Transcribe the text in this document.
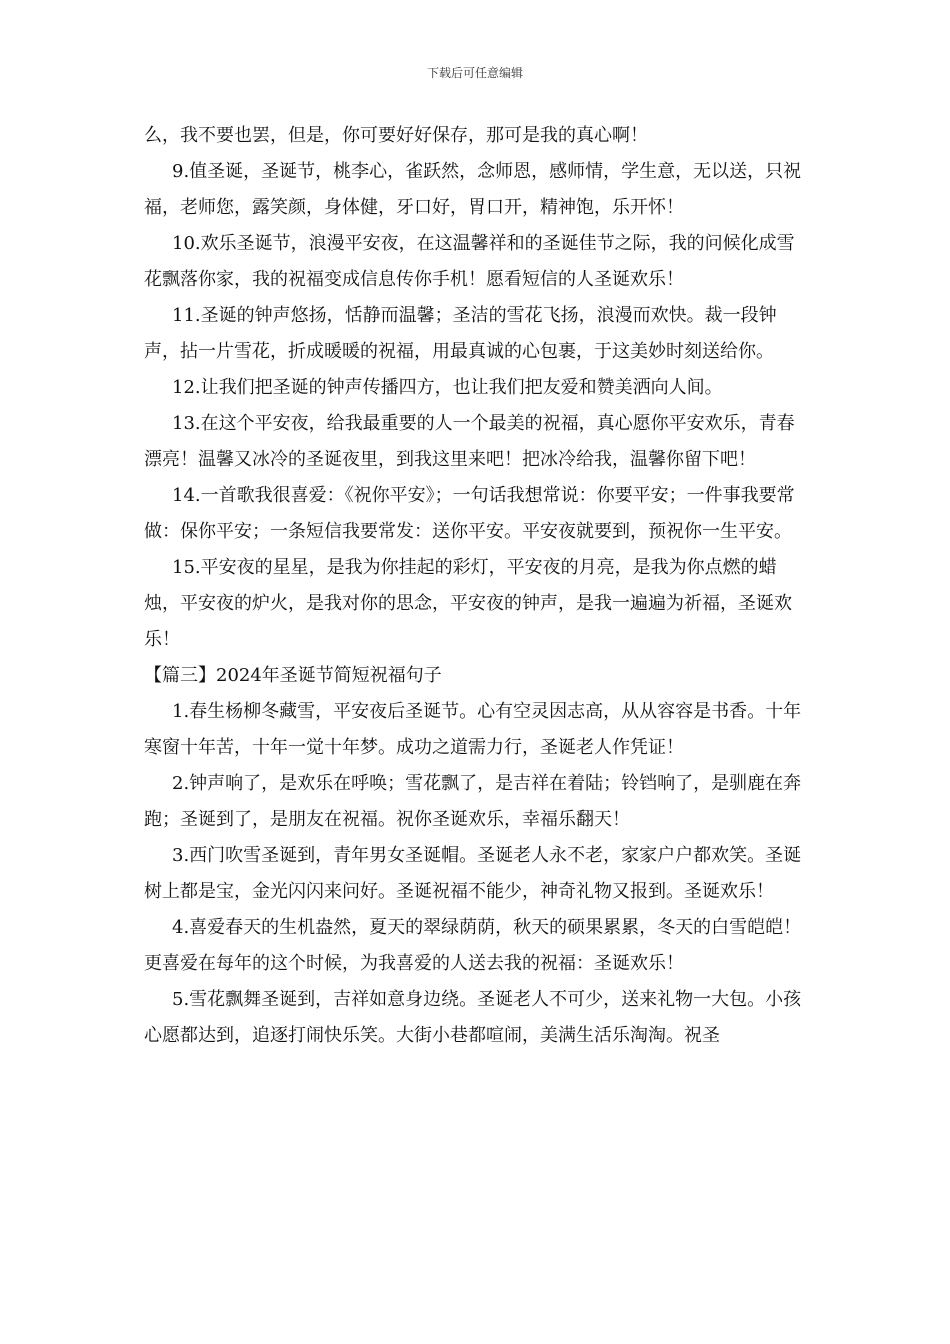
下载后可任意编辑

么，我不要也罢，但是，你可要好好保存，那可是我的真心啊！

9.值圣诞，圣诞节，桃李心，雀跃然，念师恩，感师情，学生意，无以送，只祝福，老师您，露笑颜，身体健，牙口好，胃口开，精神饱，乐开怀！

10.欢乐圣诞节，浪漫平安夜，在这温馨祥和的圣诞佳节之际，我的问候化成雪花飘落你家，我的祝福变成信息传你手机！愿看短信的人圣诞欢乐！

11.圣诞的钟声悠扬，恬静而温馨；圣洁的雪花飞扬，浪漫而欢快。裁一段钟声，拈一片雪花，折成暖暖的祝福，用最真诚的心包裹，于这美妙时刻送给你。

12.让我们把圣诞的钟声传播四方，也让我们把友爱和赞美洒向人间。

13.在这个平安夜，给我最重要的人一个最美的祝福，真心愿你平安欢乐，青春漂亮！温馨又冰冷的圣诞夜里，到我这里来吧！把冰冷给我，温馨你留下吧！

14.一首歌我很喜爱：《祝你平安》；一句话我想常说：你要平安；一件事我要常做：保你平安；一条短信我要常发：送你平安。平安夜就要到，预祝你一生平安。

15.平安夜的星星，是我为你挂起的彩灯，平安夜的月亮，是我为你点燃的蜡烛，平安夜的炉火，是我对你的思念，平安夜的钟声，是我一遍遍为祈福，圣诞欢乐！

【篇三】2024年圣诞节简短祝福句子

1.春生杨柳冬藏雪，平安夜后圣诞节。心有空灵因志高，从从容容是书香。十年寒窗十年苦，十年一觉十年梦。成功之道需力行，圣诞老人作凭证！

2.钟声响了，是欢乐在呼唤；雪花飘了，是吉祥在着陆；铃铛响了，是驯鹿在奔跑；圣诞到了，是朋友在祝福。祝你圣诞欢乐，幸福乐翻天！

3.西门吹雪圣诞到，青年男女圣诞帽。圣诞老人永不老，家家户户都欢笑。圣诞树上都是宝，金光闪闪来问好。圣诞祝福不能少，神奇礼物又报到。圣诞欢乐！

4.喜爱春天的生机盎然，夏天的翠绿荫荫，秋天的硕果累累，冬天的白雪皑皑！更喜爱在每年的这个时候，为我喜爱的人送去我的祝福：圣诞欢乐！

5.雪花飘舞圣诞到，吉祥如意身边绕。圣诞老人不可少，送来礼物一大包。小孩心愿都达到，追逐打闹快乐笑。大街小巷都喧闹，美满生活乐淘淘。祝圣
